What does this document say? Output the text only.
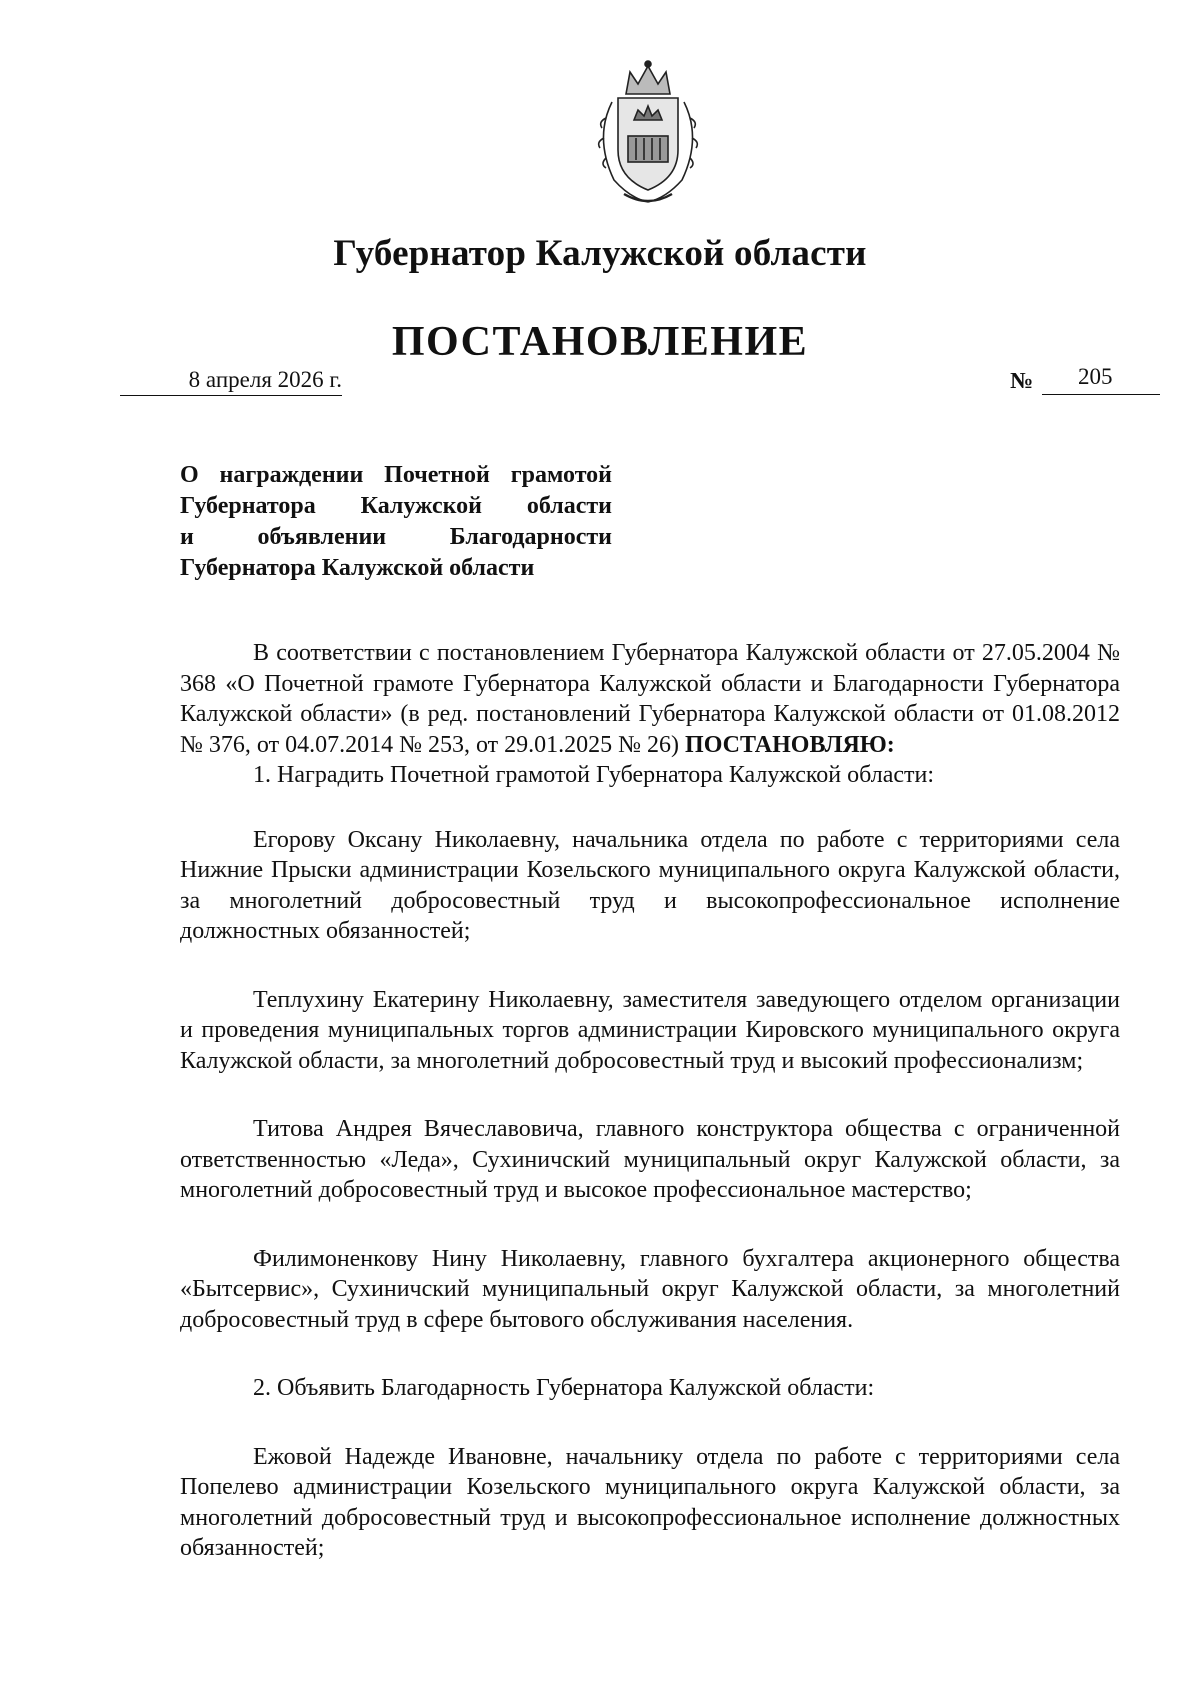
Губернатор Калужской области
ПОСТАНОВЛЕНИЕ
8 апреля 2026 г.	№	205
О награждении Почетной грамотой
Губернатора Калужской области
и объявлении Благодарности
Губернатора Калужской области

В соответствии с постановлением Губернатора Калужской области от 27.05.2004 № 368 «О Почетной грамоте Губернатора Калужской области и Благодарности Губернатора Калужской области» (в ред. постановлений Губернатора Калужской области от 01.08.2012 № 376, от 04.07.2014 № 253, от 29.01.2025 № 26) ПОСТАНОВЛЯЮ:

1. Наградить Почетной грамотой Губернатора Калужской области:

Егорову Оксану Николаевну, начальника отдела по работе с территориями села Нижние Прыски администрации Козельского муниципального округа Калужской области, за многолетний добросовестный труд и высокопрофессиональное исполнение должностных обязанностей;

Теплухину Екатерину Николаевну, заместителя заведующего отделом организации и проведения муниципальных торгов администрации Кировского муниципального округа Калужской области, за многолетний добросовестный труд и высокий профессионализм;

Титова Андрея Вячеславовича, главного конструктора общества с ограниченной ответственностью «Леда», Сухиничский муниципальный округ Калужской области, за многолетний добросовестный труд и высокое профессиональное мастерство;

Филимоненкову Нину Николаевну, главного бухгалтера акционерного общества «Бытсервис», Сухиничский муниципальный округ Калужской области, за многолетний добросовестный труд в сфере бытового обслуживания населения.

2. Объявить Благодарность Губернатора Калужской области:

Ежовой Надежде Ивановне, начальнику отдела по работе с территориями села Попелево администрации Козельского муниципального округа Калужской области, за многолетний добросовестный труд и высокопрофессиональное исполнение должностных обязанностей;
